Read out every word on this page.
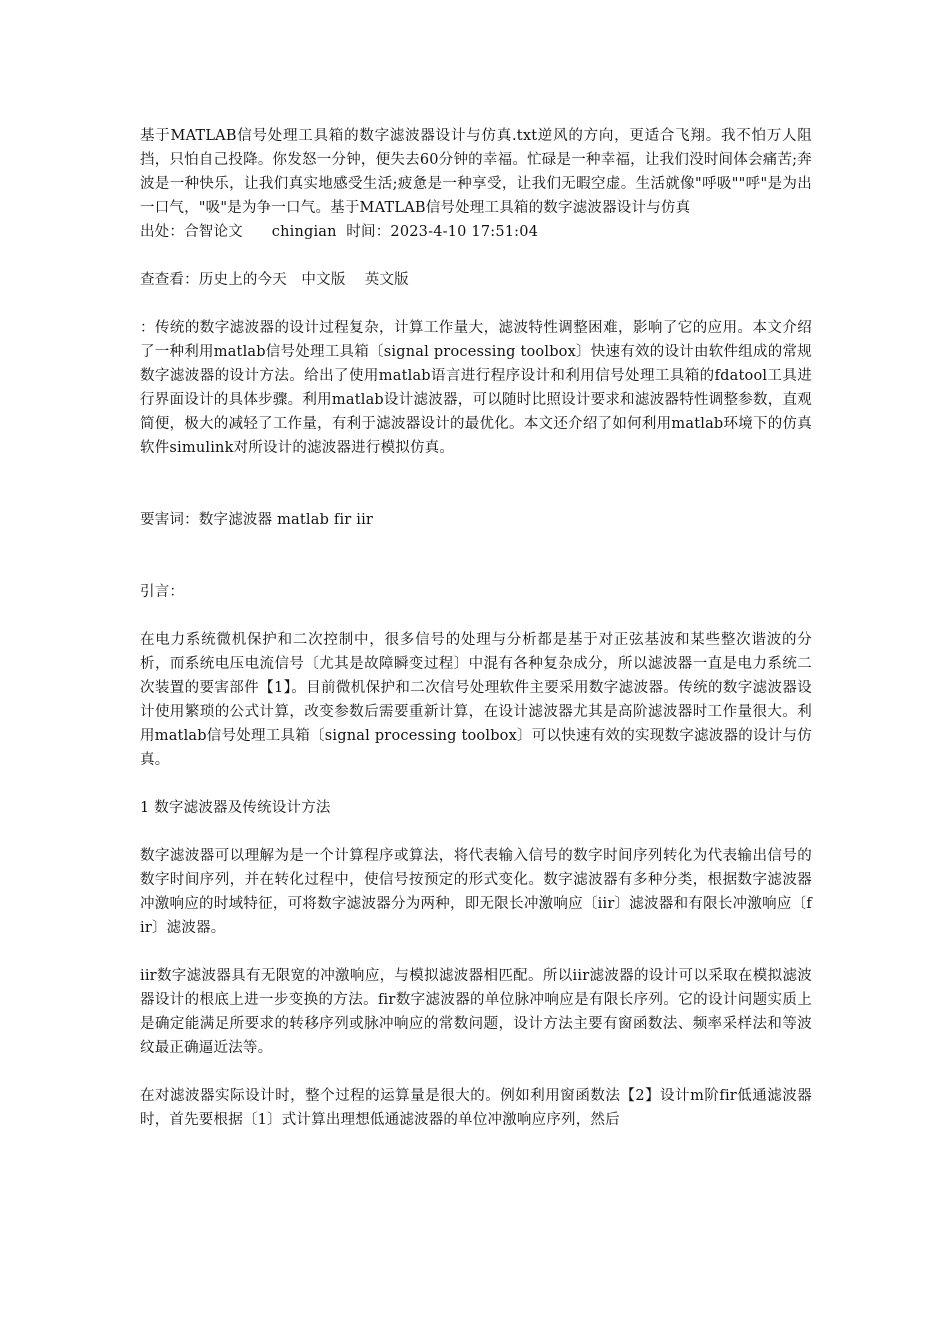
基于MATLAB信号处理工具箱的数字滤波器设计与仿真.txt逆风的方向，更适合飞翔。我不怕万人阻挡，只怕自己投降。你发怒一分钟，便失去60分钟的幸福。忙碌是一种幸福，让我们没时间体会痛苦;奔波是一种快乐，让我们真实地感受生活;疲惫是一种享受，让我们无暇空虚。生活就像"呼吸""呼"是为出一口气，"吸"是为争一口气。基于MATLAB信号处理工具箱的数字滤波器设计与仿真

出处：合智论文      chingian  时间：2023-4-10 17:51:04

查查看：历史上的今天   中文版    英文版

：传统的数字滤波器的设计过程复杂，计算工作量大，滤波特性调整困难，影响了它的应用。本文介绍了一种利用matlab信号处理工具箱〔signal processing toolbox〕快速有效的设计由软件组成的常规数字滤波器的设计方法。给出了使用matlab语言进行程序设计和利用信号处理工具箱的fdatool工具进行界面设计的具体步骤。利用matlab设计滤波器，可以随时比照设计要求和滤波器特性调整参数，直观简便，极大的减轻了工作量，有利于滤波器设计的最优化。本文还介绍了如何利用matlab环境下的仿真软件simulink对所设计的滤波器进行模拟仿真。

要害词：数字滤波器 matlab fir iir

引言：

在电力系统微机保护和二次控制中，很多信号的处理与分析都是基于对正弦基波和某些整次谐波的分析，而系统电压电流信号〔尤其是故障瞬变过程〕中混有各种复杂成分，所以滤波器一直是电力系统二次装置的要害部件【1】。目前微机保护和二次信号处理软件主要采用数字滤波器。传统的数字滤波器设计使用繁琐的公式计算，改变参数后需要重新计算，在设计滤波器尤其是高阶滤波器时工作量很大。利用matlab信号处理工具箱〔signal processing toolbox〕可以快速有效的实现数字滤波器的设计与仿真。

1 数字滤波器及传统设计方法

数字滤波器可以理解为是一个计算程序或算法，将代表输入信号的数字时间序列转化为代表输出信号的数字时间序列，并在转化过程中，使信号按预定的形式变化。数字滤波器有多种分类，根据数字滤波器冲激响应的时域特征，可将数字滤波器分为两种，即无限长冲激响应〔iir〕滤波器和有限长冲激响应〔fir〕滤波器。

iir数字滤波器具有无限宽的冲激响应，与模拟滤波器相匹配。所以iir滤波器的设计可以采取在模拟滤波器设计的根底上进一步变换的方法。fir数字滤波器的单位脉冲响应是有限长序列。它的设计问题实质上是确定能满足所要求的转移序列或脉冲响应的常数问题，设计方法主要有窗函数法、频率采样法和等波纹最正确逼近法等。

在对滤波器实际设计时，整个过程的运算量是很大的。例如利用窗函数法【2】设计m阶fir低通滤波器时，首先要根据〔1〕式计算出理想低通滤波器的单位冲激响应序列，然后
